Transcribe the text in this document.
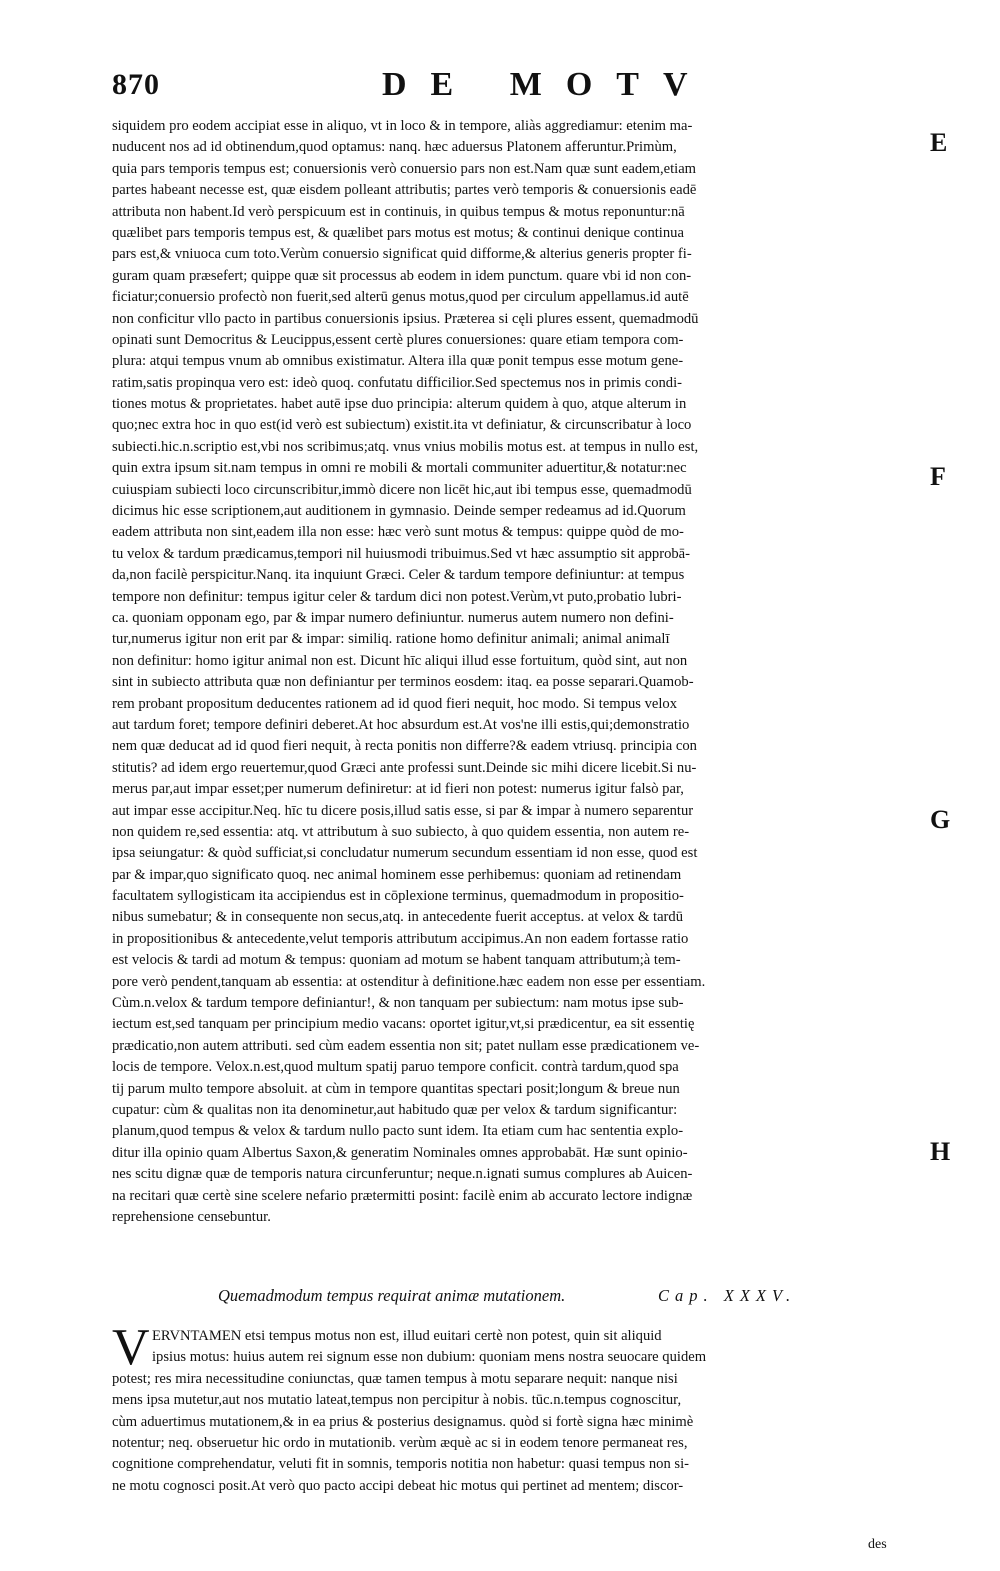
870	DE MOTV
siquidem pro eodem accipiat esse in aliquo, vt in loco & in tempore, aliàs aggrediamur: etenim ma-
nuducent nos ad id obtinendum,quod optamus: nanq. hæc aduersus Platonem afferuntur.Primùm,
quia pars temporis tempus est; conuersionis verò conuersio pars non est.Nam quæ sunt eadem,etiam
partes habeant necesse est, quæ eisdem polleant attributis; partes verò temporis & conuersionis eadē
attributa non habent.Id verò perspicuum est in continuis, in quibus tempus & motus reponuntur:nā
quælibet pars temporis tempus est, & quælibet pars motus est motus; & continui denique continua
pars est,& vniuoca cum toto.Verùm conuersio significat quid difforme,& alterius generis propter fi-
guram quam præsefert; quippe quæ sit processus ab eodem in idem punctum. quare vbi id non con-
ficiatur;conuersio profectò non fuerit,sed alterū genus motus,quod per circulum appellamus.id autē
non conficitur vllo pacto in partibus conuersionis ipsius. Præterea si cęli plures essent, quemadmodū
opinati sunt Democritus & Leucippus,essent certè plures conuersiones: quare etiam tempora com-
plura: atqui tempus vnum ab omnibus existimatur. Altera illa quæ ponit tempus esse motum gene-
ratim,satis propinqua vero est: ideò quoq. confutatu difficilior.Sed spectemus nos in primis condi-
tiones motus & proprietates. habet autē ipse duo principia: alterum quidem à quo, atque alterum in
quo;nec extra hoc in quo est(id verò est subiectum) existit.ita vt definiatur, & circunscribatur à loco
subiecti.hic.n.scriptio est,vbi nos scribimus;atq. vnus vnius mobilis motus est. at tempus in nullo est,
quin extra ipsum sit.nam tempus in omni re mobili & mortali communiter aduertitur,& notatur:nec
cuiuspiam subiecti loco circunscribitur,immò dicere non licēt hic,aut ibi tempus esse, quemadmodū
dicimus hic esse scriptionem,aut auditionem in gymnasio. Deinde semper redeamus ad id.Quorum
eadem attributa non sint,eadem illa non esse: hæc verò sunt motus & tempus: quippe quòd de mo-
tu velox & tardum prædicamus,tempori nil huiusmodi tribuimus.Sed vt hæc assumptio sit approbā-
da,non facilè perspicitur.Nanq. ita inquiunt Græci. Celer & tardum tempore definiuntur: at tempus
tempore non definitur: tempus igitur celer & tardum dici non potest.Verùm,vt puto,probatio lubri-
ca. quoniam opponam ego, par & impar numero definiuntur. numerus autem numero non defini-
tur,numerus igitur non erit par & impar: similiq. ratione homo definitur animali; animal animalī
non definitur: homo igitur animal non est. Dicunt hīc aliqui illud esse fortuitum, quòd sint, aut non
sint in subiecto attributa quæ non definiantur per terminos eosdem: itaq. ea posse separari.Quamob-
rem probant propositum deducentes rationem ad id quod fieri nequit, hoc modo. Si tempus velox
aut tardum foret; tempore definiri deberet.At hoc absurdum est.At vos'ne illi estis,qui;demonstratio
nem quæ deducat ad id quod fieri nequit, à recta ponitis non differre?& eadem vtriusq. principia con
stitutis? ad idem ergo reuertemur,quod Græci ante professi sunt.Deinde sic mihi dicere licebit.Si nu-
merus par,aut impar esset;per numerum definiretur: at id fieri non potest: numerus igitur falsò par,
aut impar esse accipitur.Neq. hīc tu dicere posis,illud satis esse, si par & impar à numero separentur
non quidem re,sed essentia: atq. vt attributum à suo subiecto, à quo quidem essentia, non autem re-
ipsa seiungatur: & quòd sufficiat,si concludatur numerum secundum essentiam id non esse, quod est
par & impar,quo significato quoq. nec animal hominem esse perhibemus: quoniam ad retinendam
facultatem syllogisticam ita accipiendus est in cōplexione terminus, quemadmodum in propositio-
nibus sumebatur; & in consequente non secus,atq. in antecedente fuerit acceptus. at velox & tardū
in propositionibus & antecedente,velut temporis attributum accipimus.An non eadem fortasse ratio
est velocis & tardi ad motum & tempus: quoniam ad motum se habent tanquam attributum;à tem-
pore verò pendent,tanquam ab essentia: at ostenditur à definitione.hæc eadem non esse per essentiam.
Cùm.n.velox & tardum tempore definiantur!, & non tanquam per subiectum: nam motus ipse sub-
iectum est,sed tanquam per principium medio vacans: oportet igitur,vt,si prædicentur, ea sit essentię
prædicatio,non autem attributi. sed cùm eadem essentia non sit; patet nullam esse prædicationem ve-
locis de tempore. Velox.n.est,quod multum spatij paruo tempore conficit. contrà tardum,quod spa
tij parum multo tempore absoluit. at cùm in tempore quantitas spectari posit;longum & breue nun
cupatur: cùm & qualitas non ita denominetur,aut habitudo quæ per velox & tardum significantur:
planum,quod tempus & velox & tardum nullo pacto sunt idem. Ita etiam cum hac sententia explo-
ditur illa opinio quam Albertus Saxon,& generatim Nominales omnes approbabāt. Hæ sunt opinio-
nes scitu dignæ quæ de temporis natura circunferuntur; neque.n.ignati sumus complures ab Auicen-
na recitari quæ certè sine scelere nefario prætermitti posint: facilè enim ab accurato lectore indignæ
reprehensione censebuntur.
E
F
G
H
Quemadmodum tempus requirat animæ mutationem.	Cap. XXXV.
V ERVNTAMEN etsi tempus motus non est, illud euitari certè non potest, quin sit aliquid
ipsius motus: huius autem rei signum esse non dubium: quoniam mens nostra seuocare quidem
potest; res mira necessitudine coniunctas, quæ tamen tempus à motu separare nequit: nanque nisi
mens ipsa mutetur,aut nos mutatio lateat,tempus non percipitur à nobis. tūc.n.tempus cognoscitur,
cùm aduertimus mutationem,& in ea prius & posterius designamus. quòd si fortè signa hæc minimè
notentur; neq. obseruetur hic ordo in mutationib. verùm æquè ac si in eodem tenore permaneat res,
cognitione comprehendatur, veluti fit in somnis, temporis notitia non habetur: quasi tempus non si-
ne motu cognosci posit.At verò quo pacto accipi debeat hic motus qui pertinet ad mentem; discor-
des
